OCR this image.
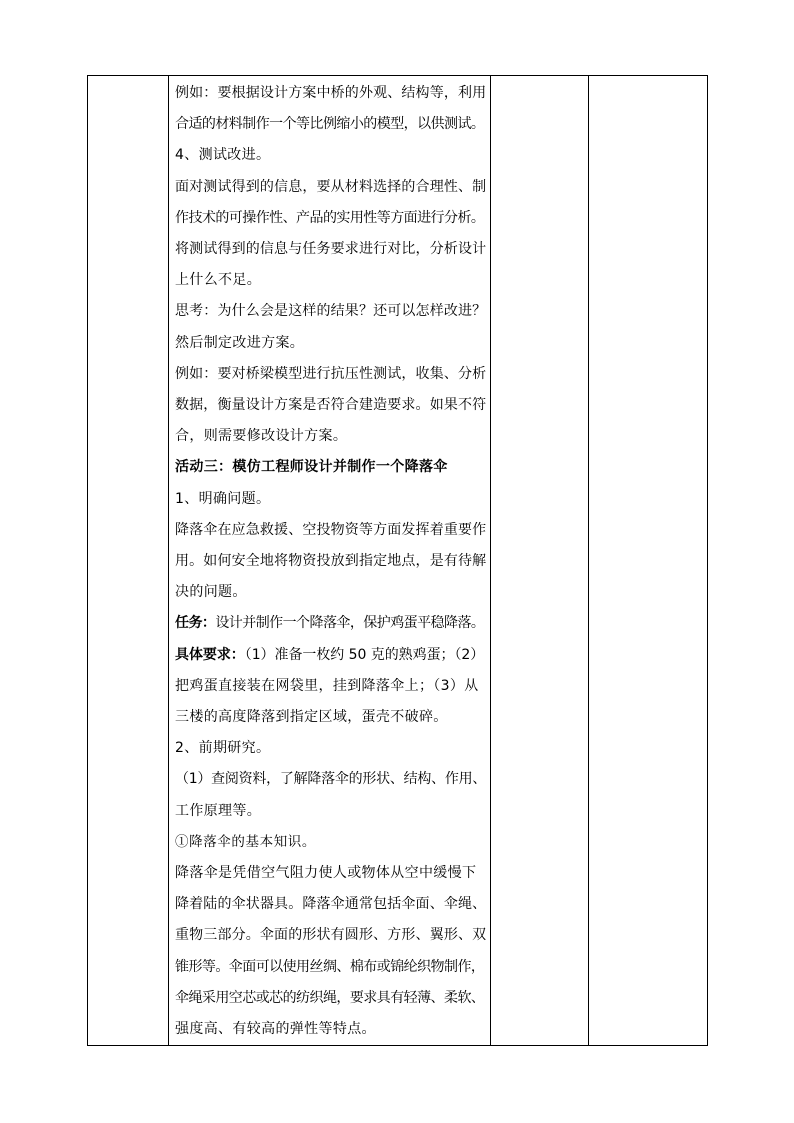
例如：要根据设计方案中桥的外观、结构等，利用
合适的材料制作一个等比例缩小的模型，以供测试。
4、测试改进。
面对测试得到的信息，要从材料选择的合理性、制
作技术的可操作性、产品的实用性等方面进行分析。
将测试得到的信息与任务要求进行对比，分析设计
上什么不足。
思考：为什么会是这样的结果？还可以怎样改进？
然后制定改进方案。
例如：要对桥梁模型进行抗压性测试，收集、分析
数据，衡量设计方案是否符合建造要求。如果不符
合，则需要修改设计方案。
活动三：模仿工程师设计并制作一个降落伞
1、明确问题。
降落伞在应急救援、空投物资等方面发挥着重要作
用。如何安全地将物资投放到指定地点，是有待解
决的问题。
任务：设计并制作一个降落伞，保护鸡蛋平稳降落。
具体要求：（1）准备一枚约 50 克的熟鸡蛋；（2）
把鸡蛋直接装在网袋里，挂到降落伞上；（3）从
三楼的高度降落到指定区域，蛋壳不破碎。
2、前期研究。
（1）查阅资料，了解降落伞的形状、结构、作用、
工作原理等。
①降落伞的基本知识。
降落伞是凭借空气阻力使人或物体从空中缓慢下
降着陆的伞状器具。降落伞通常包括伞面、伞绳、
重物三部分。伞面的形状有圆形、方形、翼形、双
锥形等。伞面可以使用丝绸、棉布或锦纶织物制作，
伞绳采用空芯或芯的纺织绳，要求具有轻薄、柔软、
强度高、有较高的弹性等特点。
